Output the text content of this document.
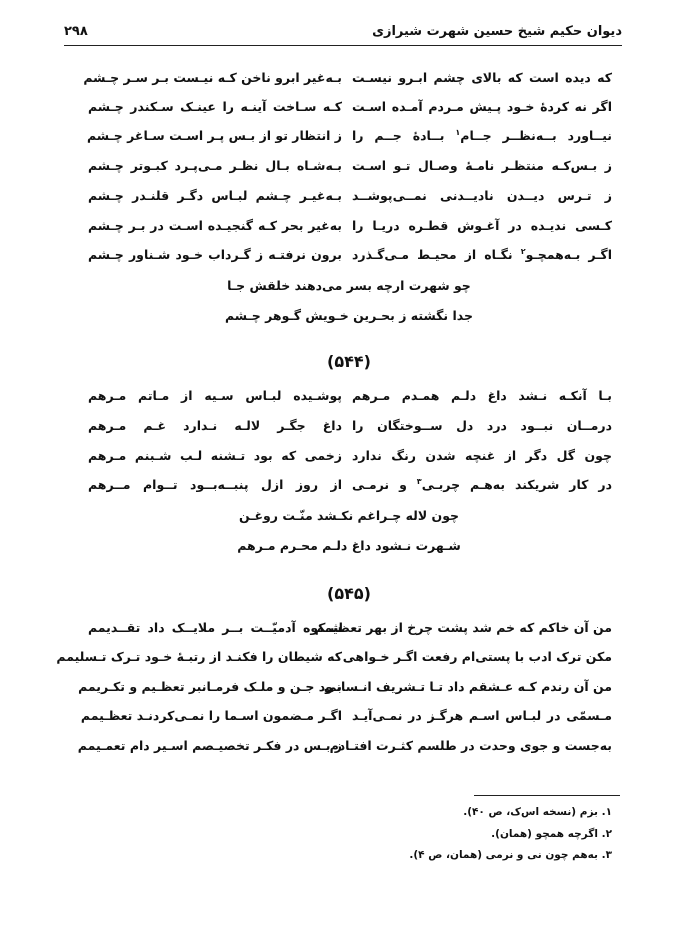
دیوان حکیم شیخ حسین شهرت شیرازی
۲۹۸
که دیده است که بالای چشم ابـرو نیسـت
بـه‌غیر ابرو ناخن کـه نیـست بـر سـر چـشم
اگر نه کردهٔ خـود پـیش مـردم آمـده اسـت
کـه سـاخت آینـه را عینـک سـکندر چـشم
نیــاورد بــه‌نظــر جــام$^۱$ بــادهٔ جــم را
ز انتظار تو از بـس پـر اسـت سـاغر چـشم
ز بـس‌کـه منتظـر نامـهٔ وصـال تـو اسـت
بـه‌شـاه بـال نظـر مـی‌پـرد کبـوتر چـشم
ز تـرس دیــدن نادیــدنی نمــی‌پوشــد
بـه‌غیـر چـشم لبـاس دگـر قلنـدر چـشم
کـسی ندیـده در آغـوش قطـره دریـا را
به‌غیر بحر کـه گنجیـده اسـت در بـر چـشم
اگـر بـه‌همچـو$^۲$ نگـاه از محیـط مـی‌گـذرد
برون نرفتـه ز گـرداب خـود شـناور چـشم
چو شهرت ارچه بسر می‌دهند خلقش جـا
جدا نگشته ز بحـرین خـویش گـوهر چـشم
(۵۴۴)
بـا آنکـه نـشد داغ دلـم همـدم مـرهم
پوشـیده لبـاس سـیه از مـاتم مـرهم
درمــان نبــود درد دل ســوختگان را
داغ جگـر لالـه نـدارد غـم مـرهم
چون گل دگر از غنچه شدن رنگ ندارد
زخمی که بود تـشنه لـب شـبنم مـرهم
در کار شریکند به‌هـم چربـی$^۳$ و نرمـی
از روز ازل پنبــه‌بــود تــوام مــرهم
چون لاله چـراغم نکـشد منّـت روغـن
شـهرت نـشود داغ دلـم محـرم مـرهم
(۵۴۵)
من آن خاکم که خم شد پشت چرخ از بهر تعظیمم
شـکوه آدمیّــت بــر ملایــک داد تقــدیمم
مکن ترک ادب با پستی‌ام رفعت اگـر خـواهی
که شیطان را فکنـد از رتبـهٔ خـود تـرک تـسلیمم
من آن رندم کـه عـشقم داد تـا تـشریف انـسانی
بـود جـن و ملـک فرمـانبر تعظـیم و تکـریمم
مـسمّی در لبـاس اسـم هرگـز در نمـی‌آیـد
اگـر مـضمون اسـما را نمـی‌کردنـد تعظـیمم
به‌جست و جوی وحدت در طلسم کثـرت افتـادم
ز بـس در فکـر تخصیـصم اسـیر دام تعمـیمم
۱. بزم (نسخه اس‌ک، ص ۴۰).
۲. اگرچه همچو (همان).
۳. به‌هم چون نی و نرمی (همان، ص ۴).
